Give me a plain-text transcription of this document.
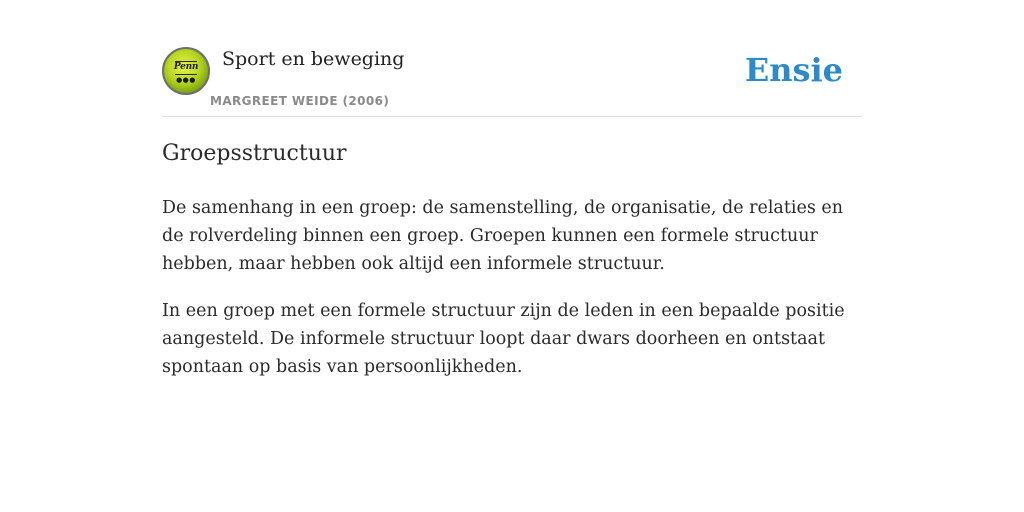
Penn
●●●
Sport en beweging
MARGREET WEIDE (2006)
Ensie
Groepsstructuur

De samenhang in een groep: de samenstelling, de organisatie, de relaties en de rolverdeling binnen een groep. Groepen kunnen een formele structuur hebben, maar hebben ook altijd een informele structuur.

In een groep met een formele structuur zijn de leden in een bepaalde positie aangesteld. De informele structuur loopt daar dwars doorheen en ontstaat spontaan op basis van persoonlijkheden.
